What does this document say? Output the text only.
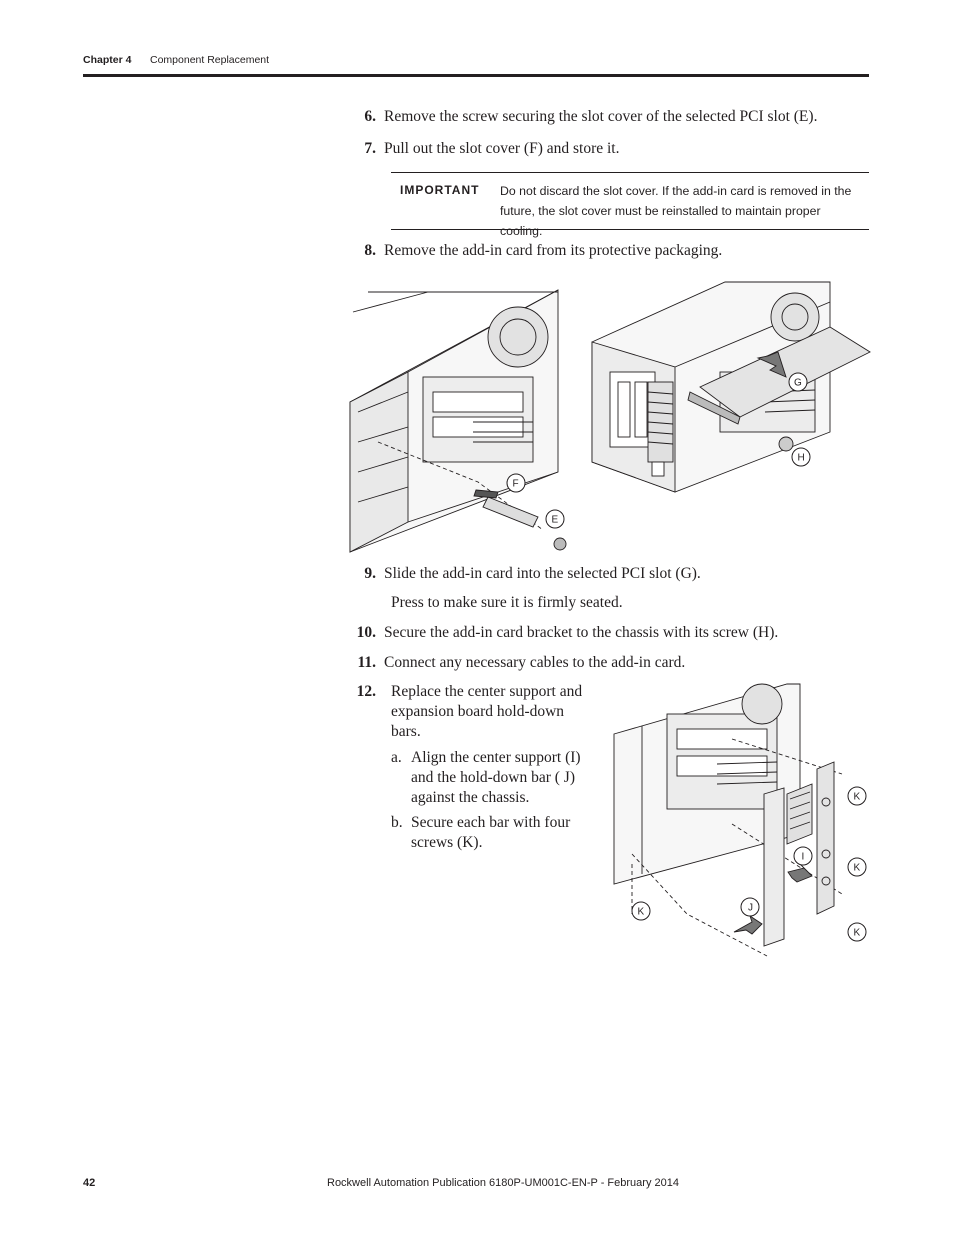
Chapter 4 Component Replacement
6. Remove the screw securing the slot cover of the selected PCI slot (E).
7. Pull out the slot cover (F) and store it.
IMPORTANT Do not discard the slot cover. If the add-in card is removed in the
future, the slot cover must be reinstalled to maintain proper cooling.
8. Remove the add-in card from its protective packaging.
F
E
G
H
9. Slide the add-in card into the selected PCI slot (G).
Press to make sure it is firmly seated.
10. Secure the add-in card bracket to the chassis with its screw (H).
11. Connect any necessary cables to the add-in card.
12. Replace the center support and
expansion board hold-down
bars.
a. Align the center support (I)
and the hold-down bar ( J)
against the chassis.
b. Secure each bar with four
screws (K).
K
I
K
J
K
K
42	Rockwell Automation Publication 6180P-UM001C-EN-P - February 2014
